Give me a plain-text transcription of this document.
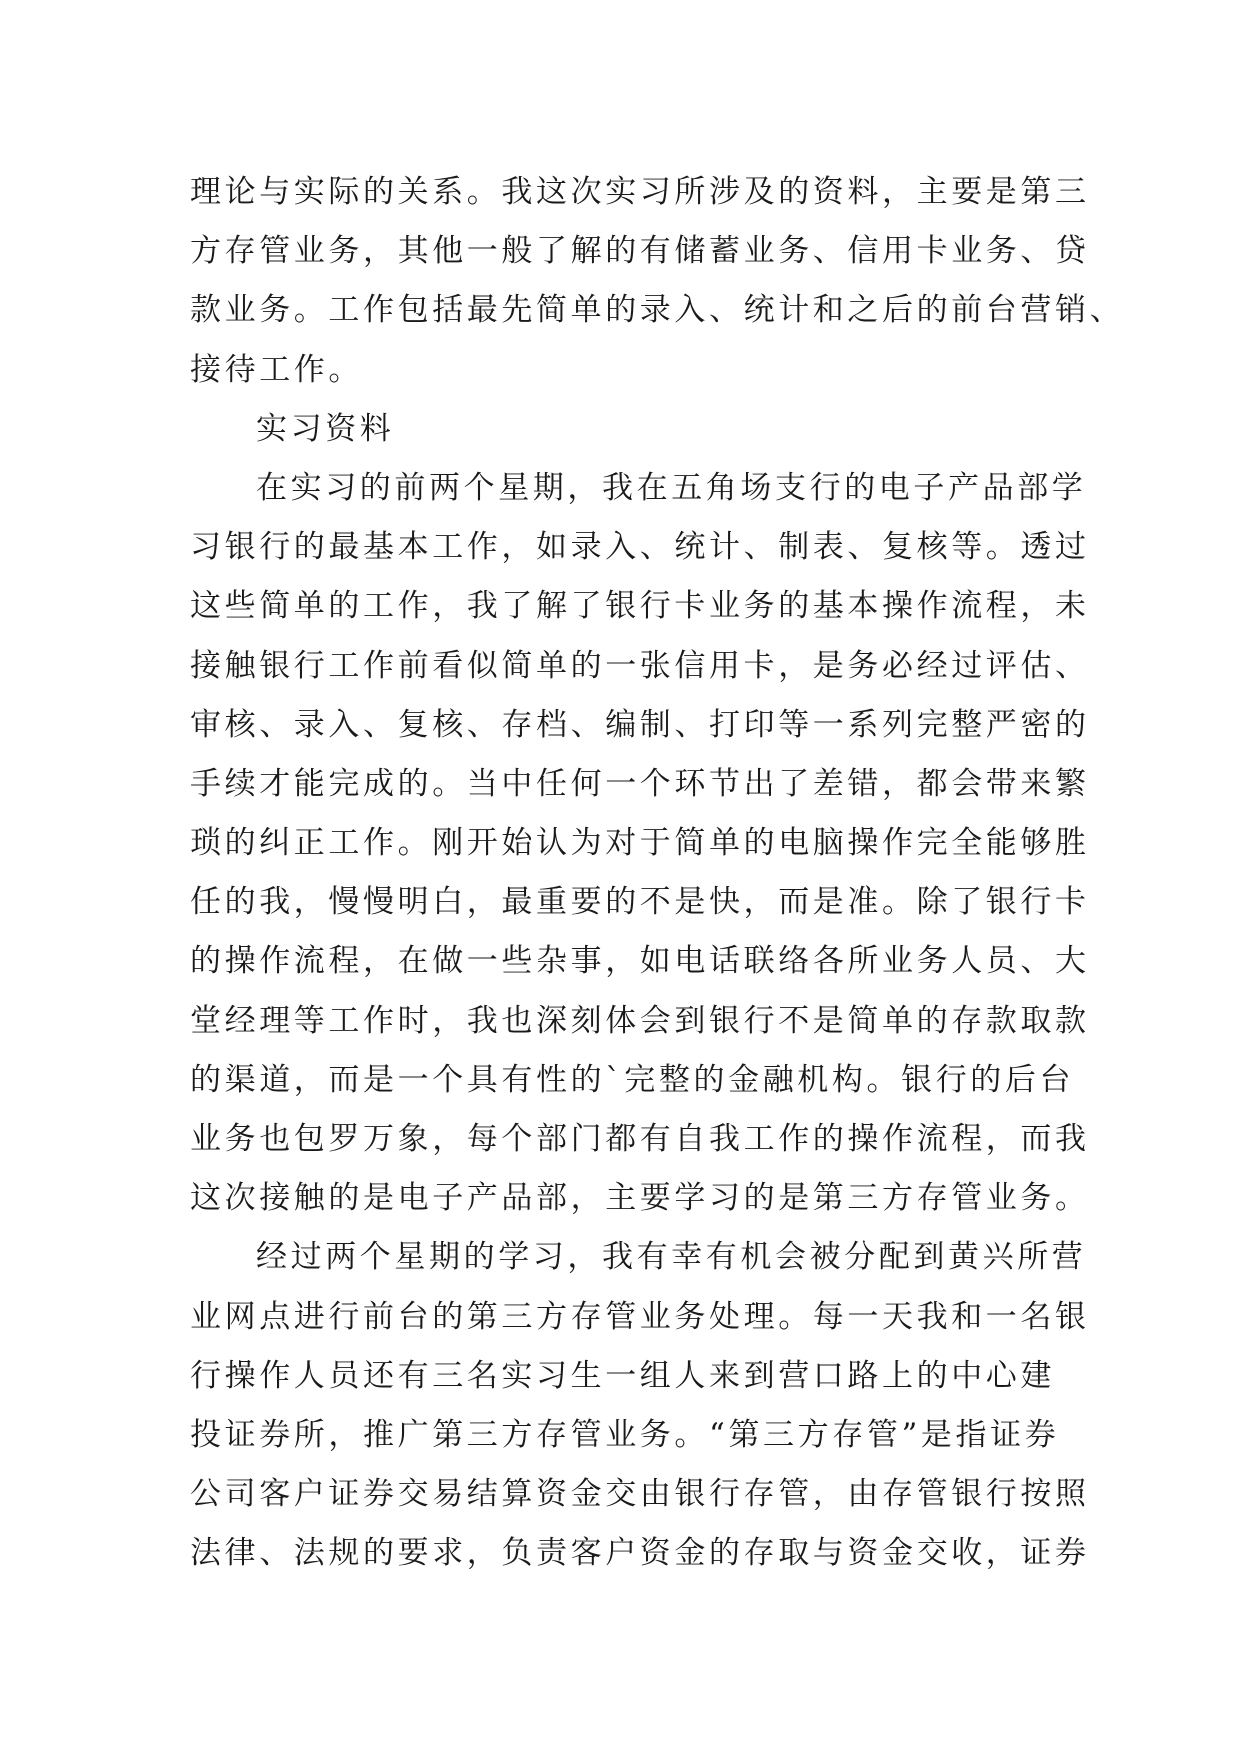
理论与实际的关系。我这次实习所涉及的资料，主要是第三
方存管业务，其他一般了解的有储蓄业务、信用卡业务、贷
款业务。工作包括最先简单的录入、统计和之后的前台营销、
接待工作。
实习资料
在实习的前两个星期，我在五角场支行的电子产品部学
习银行的最基本工作，如录入、统计、制表、复核等。透过
这些简单的工作，我了解了银行卡业务的基本操作流程，未
接触银行工作前看似简单的一张信用卡，是务必经过评估、
审核、录入、复核、存档、编制、打印等一系列完整严密的
手续才能完成的。当中任何一个环节出了差错，都会带来繁
琐的纠正工作。刚开始认为对于简单的电脑操作完全能够胜
任的我，慢慢明白，最重要的不是快，而是准。除了银行卡
的操作流程，在做一些杂事，如电话联络各所业务人员、大
堂经理等工作时，我也深刻体会到银行不是简单的存款取款
的渠道，而是一个具有性的`完整的金融机构。银行的后台
业务也包罗万象，每个部门都有自我工作的操作流程，而我
这次接触的是电子产品部，主要学习的是第三方存管业务。
经过两个星期的学习，我有幸有机会被分配到黄兴所营
业网点进行前台的第三方存管业务处理。每一天我和一名银
行操作人员还有三名实习生一组人来到营口路上的中心建
投证券所，推广第三方存管业务。“第三方存管”是指证券
公司客户证券交易结算资金交由银行存管，由存管银行按照
法律、法规的要求，负责客户资金的存取与资金交收，证券
